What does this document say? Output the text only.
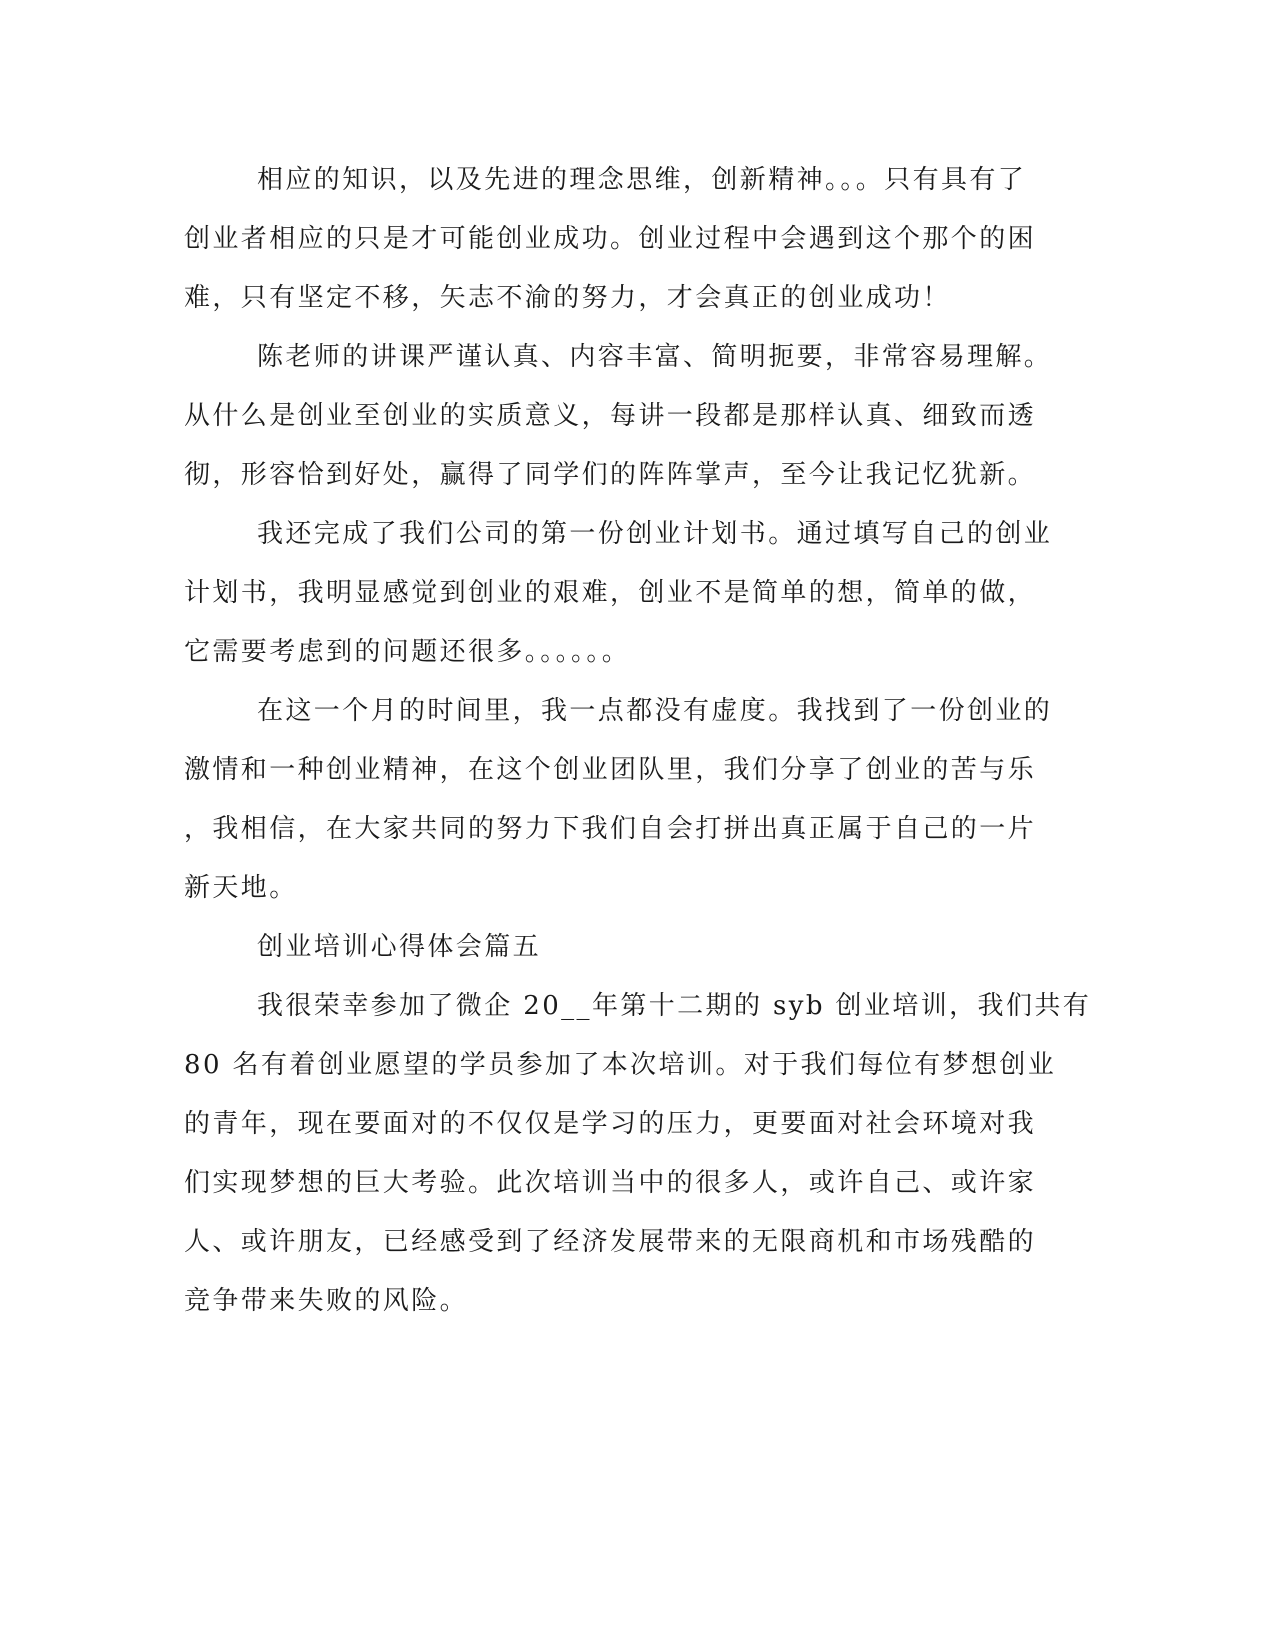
相应的知识，以及先进的理念思维，创新精神。。。只有具有了
创业者相应的只是才可能创业成功。创业过程中会遇到这个那个的困
难，只有坚定不移，矢志不渝的努力，才会真正的创业成功！
陈老师的讲课严谨认真、内容丰富、简明扼要，非常容易理解。
从什么是创业至创业的实质意义，每讲一段都是那样认真、细致而透
彻，形容恰到好处，赢得了同学们的阵阵掌声，至今让我记忆犹新。
我还完成了我们公司的第一份创业计划书。通过填写自己的创业
计划书，我明显感觉到创业的艰难，创业不是简单的想，简单的做，
它需要考虑到的问题还很多。。。。。。
在这一个月的时间里，我一点都没有虚度。我找到了一份创业的
激情和一种创业精神，在这个创业团队里，我们分享了创业的苦与乐
，我相信，在大家共同的努力下我们自会打拼出真正属于自己的一片
新天地。
创业培训心得体会篇五
我很荣幸参加了微企 20__年第十二期的 syb 创业培训，我们共有
80 名有着创业愿望的学员参加了本次培训。对于我们每位有梦想创业
的青年，现在要面对的不仅仅是学习的压力，更要面对社会环境对我
们实现梦想的巨大考验。此次培训当中的很多人，或许自己、或许家
人、或许朋友，已经感受到了经济发展带来的无限商机和市场残酷的
竞争带来失败的风险。
